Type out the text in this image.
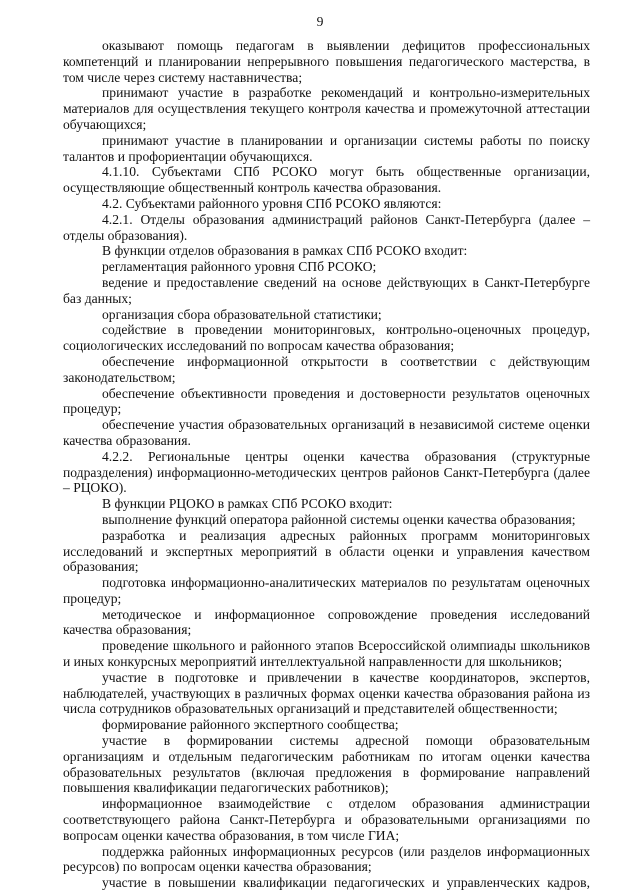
9

оказывают помощь педагогам в выявлении дефицитов профессиональных компетенций и планировании непрерывного повышения педагогического мастерства, в том числе через систему наставничества;

принимают участие в разработке рекомендаций и контрольно-измерительных материалов для осуществления текущего контроля качества и промежуточной аттестации обучающихся;

принимают участие в планировании и организации системы работы по поиску талантов и профориентации обучающихся.

4.1.10. Субъектами СПб РСОКО могут быть общественные организации, осуществляющие общественный контроль качества образования.

4.2. Субъектами районного уровня СПб РСОКО являются:

4.2.1. Отделы образования администраций районов Санкт-Петербурга (далее – отделы образования).

В функции отделов образования в рамках СПб РСОКО входит:

регламентация районного уровня СПб РСОКО;

ведение и предоставление сведений на основе действующих в Санкт-Петербурге баз данных;

организация сбора образовательной статистики;

содействие в проведении мониторинговых, контрольно-оценочных процедур, социологических исследований по вопросам качества образования;

обеспечение информационной открытости в соответствии с действующим законодательством;

обеспечение объективности проведения и достоверности результатов оценочных процедур;

обеспечение участия образовательных организаций в независимой системе оценки качества образования.

4.2.2. Региональные центры оценки качества образования (структурные подразделения) информационно-методических центров районов Санкт-Петербурга (далее – РЦОКО).

В функции РЦОКО в рамках СПб РСОКО входит:

выполнение функций оператора районной системы оценки качества образования;

разработка и реализация адресных районных программ мониторинговых исследований и экспертных мероприятий в области оценки и управления качеством образования;

подготовка информационно-аналитических материалов по результатам оценочных процедур;

методическое и информационное сопровождение проведения исследований качества образования;

проведение школьного и районного этапов Всероссийской олимпиады школьников и иных конкурсных мероприятий интеллектуальной направленности для школьников;

участие в подготовке и привлечении в качестве координаторов, экспертов, наблюдателей, участвующих в различных формах оценки качества образования района из числа сотрудников образовательных организаций и представителей общественности;

формирование районного экспертного сообщества;

участие в формировании системы адресной помощи образовательным организациям и отдельным педагогическим работникам по итогам оценки качества образовательных результатов (включая предложения в формирование направлений повышения квалификации педагогических работников);

информационное взаимодействие с отделом образования администрации соответствующего района Санкт-Петербурга и образовательными организациями по вопросам оценки качества образования, в том числе ГИА;

поддержка районных информационных ресурсов (или разделов информационных ресурсов) по вопросам оценки качества образования;

участие в повышении квалификации педагогических и управленческих кадров,
